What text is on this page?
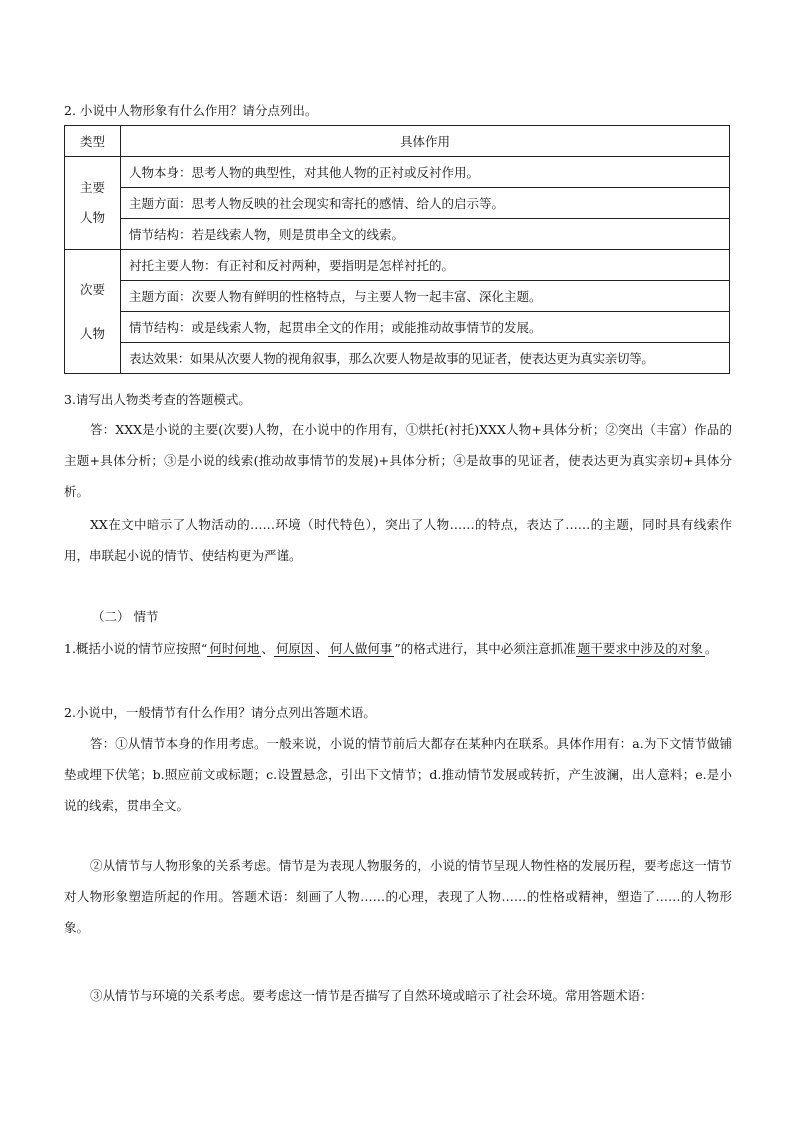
2. 小说中人物形象有什么作用？请分点列出。
类型	具体作用

主要
人物	人物本身：思考人物的典型性，对其他人物的正衬或反衬作用。
	主题方面：思考人物反映的社会现实和寄托的感情、给人的启示等。
	情节结构：若是线索人物，则是贯串全文的线索。

次要
人物	衬托主要人物：有正衬和反衬两种，要指明是怎样衬托的。
	主题方面：次要人物有鲜明的性格特点，与主要人物一起丰富、深化主题。
	情节结构：或是线索人物，起贯串全文的作用；或能推动故事情节的发展。
	表达效果：如果从次要人物的视角叙事，那么次要人物是故事的见证者，使表达更为真实亲切等。
3.请写出人物类考查的答题模式。

答：XXX是小说的主要(次要)人物，在小说中的作用有，①烘托(衬托)XXX人物+具体分析；②突出（丰富）作品的主题+具体分析；③是小说的线索(推动故事情节的发展)+具体分析；④是故事的见证者，使表达更为真实亲切+具体分析。

XX在文中暗示了人物活动的……环境（时代特色），突出了人物……的特点，表达了……的主题，同时具有线索作用，串联起小说的情节、使结构更为严谨。

（二） 情节

1.概括小说的情节应按照“ 何时何地 、 何原因 、 何人做何事 ”的格式进行，其中必须注意抓准 题干要求中涉及的对象 。

2.小说中，一般情节有什么作用？请分点列出答题术语。

答：①从情节本身的作用考虑。一般来说，小说的情节前后大都存在某种内在联系。具体作用有：a.为下文情节做铺垫或埋下伏笔；b.照应前文或标题；c.设置悬念，引出下文情节；d.推动情节发展或转折，产生波澜，出人意料；e.是小说的线索，贯串全文。

②从情节与人物形象的关系考虑。情节是为表现人物服务的，小说的情节呈现人物性格的发展历程，要考虑这一情节对人物形象塑造所起的作用。答题术语：刻画了人物……的心理，表现了人物……的性格或精神，塑造了……的人物形象。

③从情节与环境的关系考虑。要考虑这一情节是否描写了自然环境或暗示了社会环境。常用答题术语：
